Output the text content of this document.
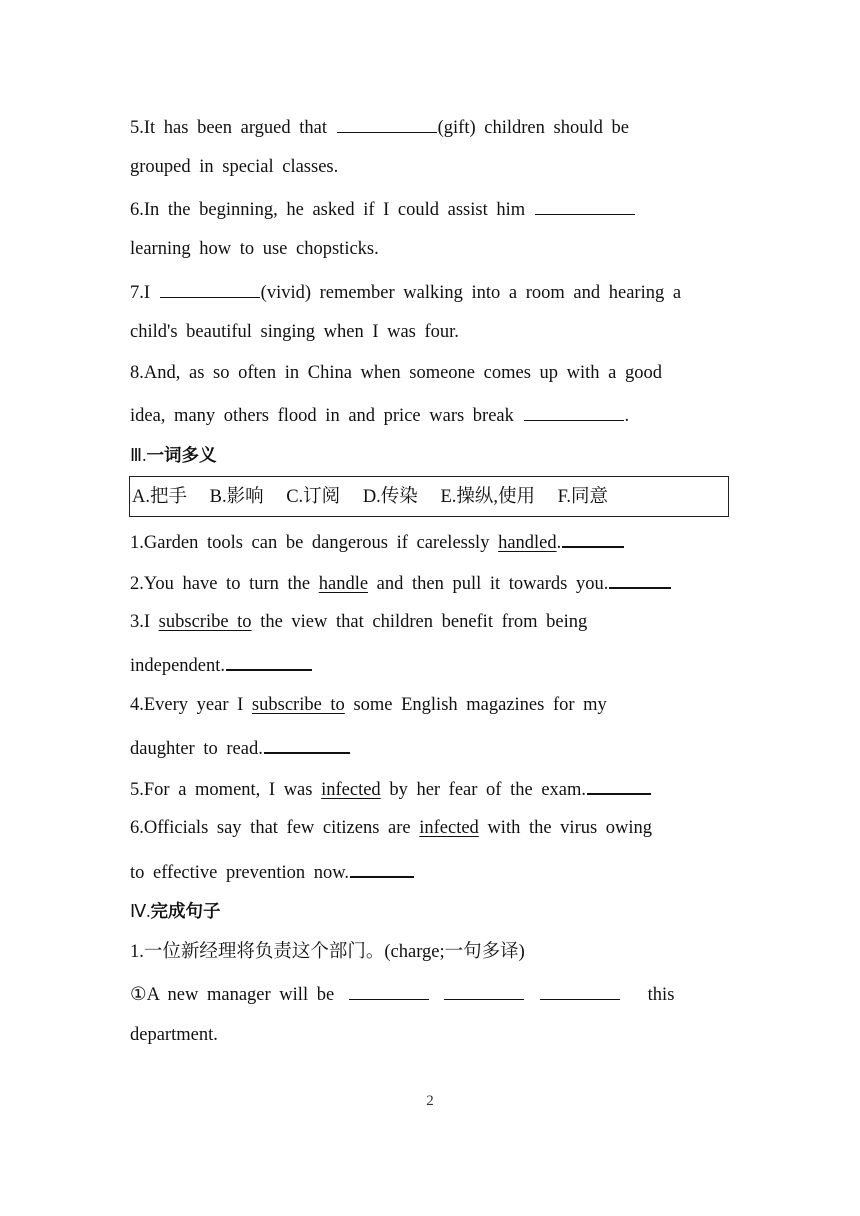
5.It has been argued that	(gift) children should be
grouped in special classes.
6.In the beginning, he asked if I could assist him
learning how to use chopsticks.
7.I	(vivid) remember walking into a room and hearing a
child's beautiful singing when I was four.
8.And, as so often in China when someone comes up with a good
idea, many others flood in and price wars break	.
Ⅲ.一词多义
A.把手 B.影响 C.订阅 D.传染 E.操纵,使用 F.同意
1.Garden tools can be dangerous if carelessly handled.
2.You have to turn the handle and then pull it towards you.
3.I subscribe to the view that children benefit from being
independent.
4.Every year I subscribe to some English magazines for my
daughter to read.
5.For a moment, I was infected by her fear of the exam.
6.Officials say that few citizens are infected with the virus owing
to effective prevention now.
Ⅳ.完成句子
1.一位新经理将负责这个部门。(charge;一句多译)
①A new manager will be	this
department.
2
